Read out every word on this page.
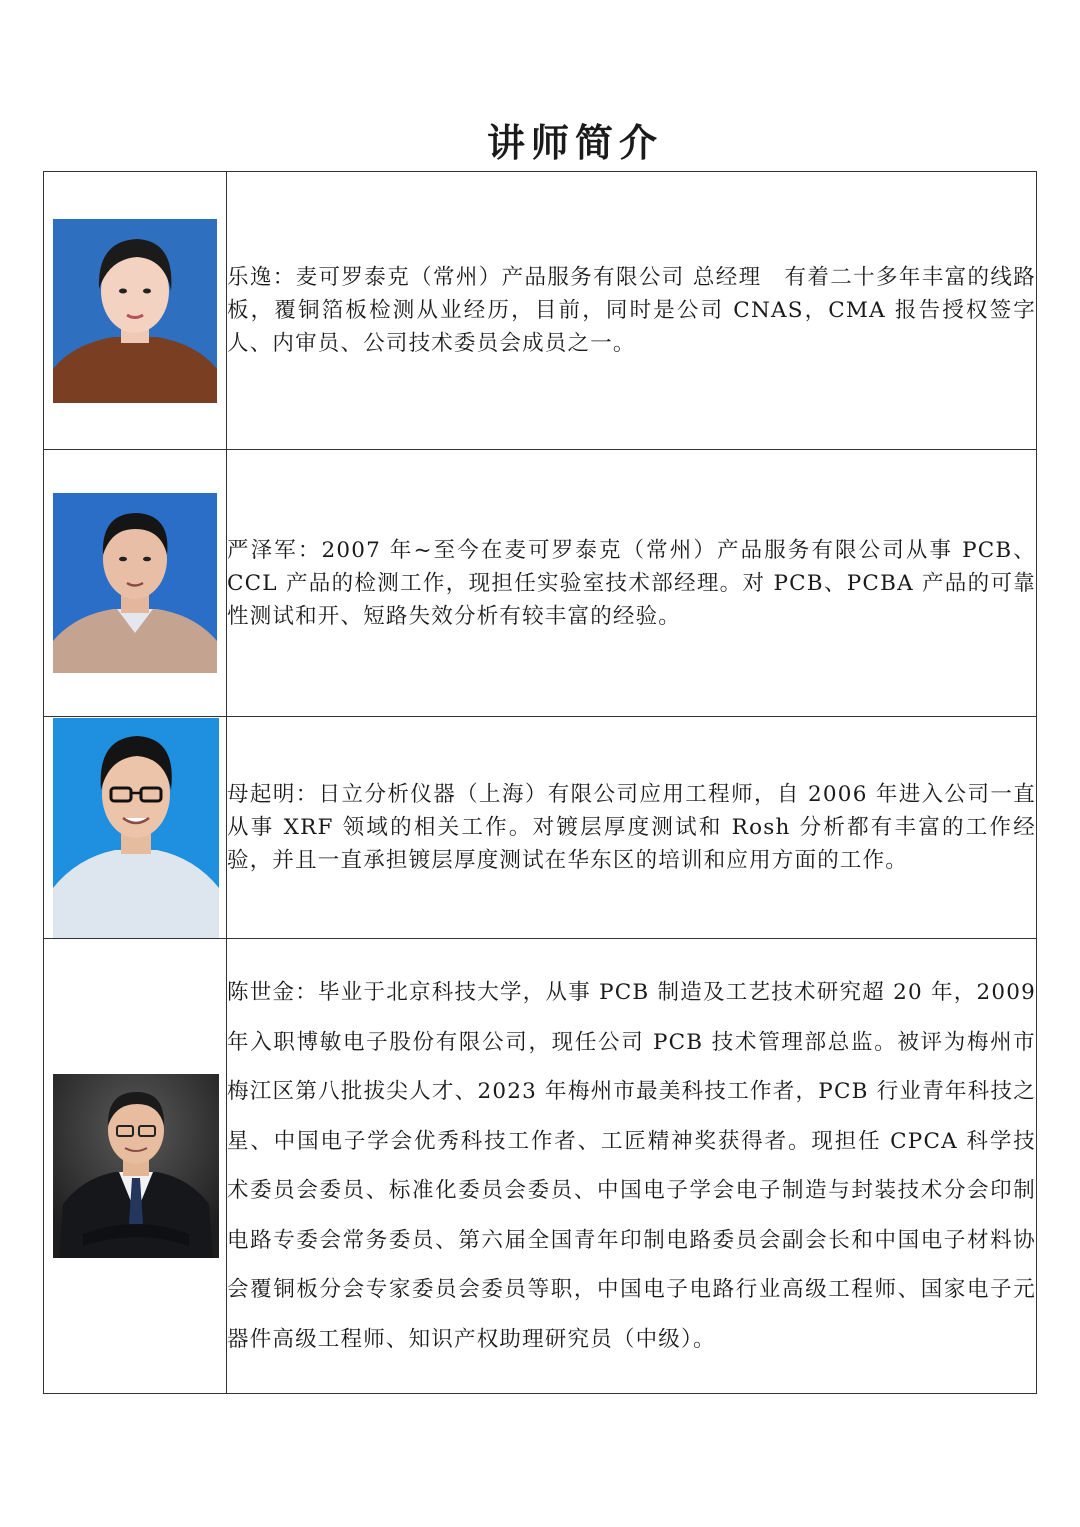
讲师简介

乐逸：麦可罗泰克（常州）产品服务有限公司 总经理　有着二十多年丰富的线路板，覆铜箔板检测从业经历，目前，同时是公司 CNAS，CMA 报告授权签字人、内审员、公司技术委员会成员之一。

严泽军：2007 年~至今在麦可罗泰克（常州）产品服务有限公司从事 PCB、CCL 产品的检测工作，现担任实验室技术部经理。对 PCB、PCBA 产品的可靠性测试和开、短路失效分析有较丰富的经验。

母起明：日立分析仪器（上海）有限公司应用工程师，自 2006 年进入公司一直从事 XRF 领域的相关工作。对镀层厚度测试和 Rosh 分析都有丰富的工作经验，并且一直承担镀层厚度测试在华东区的培训和应用方面的工作。

陈世金：毕业于北京科技大学，从事 PCB 制造及工艺技术研究超 20 年，2009 年入职博敏电子股份有限公司，现任公司 PCB 技术管理部总监。被评为梅州市梅江区第八批拔尖人才、2023 年梅州市最美科技工作者，PCB 行业青年科技之星、中国电子学会优秀科技工作者、工匠精神奖获得者。现担任 CPCA 科学技术委员会委员、标准化委员会委员、中国电子学会电子制造与封装技术分会印制电路专委会常务委员、第六届全国青年印制电路委员会副会长和中国电子材料协会覆铜板分会专家委员会委员等职，中国电子电路行业高级工程师、国家电子元器件高级工程师、知识产权助理研究员（中级）。
